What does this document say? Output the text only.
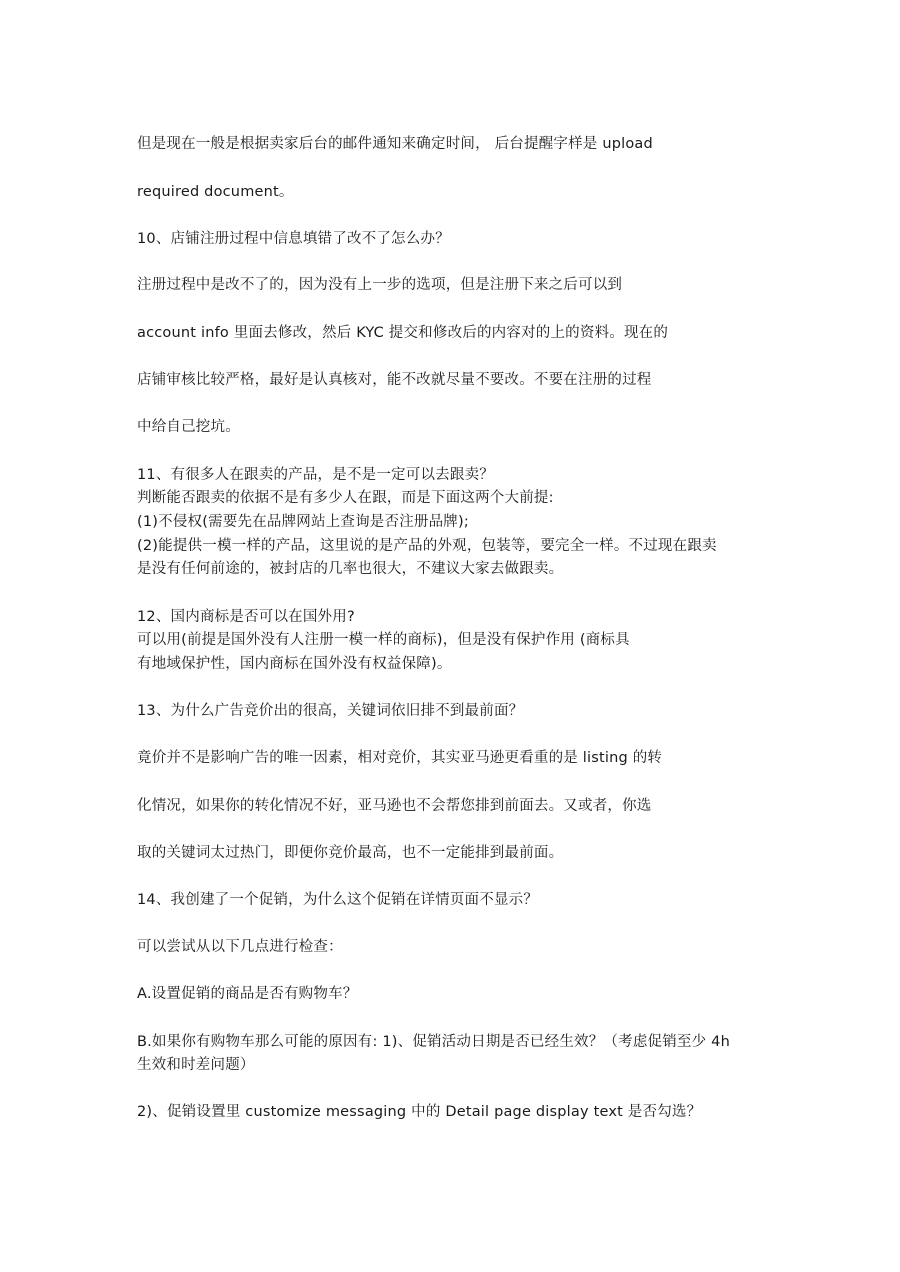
但是现在一般是根据卖家后台的邮件通知来确定时间， 后台提醒字样是 upload
required document。
10、店铺注册过程中信息填错了改不了怎么办？
注册过程中是改不了的，因为没有上一步的选项，但是注册下来之后可以到
account info 里面去修改，然后 KYC 提交和修改后的内容对的上的资料。现在的
店铺审核比较严格，最好是认真核对，能不改就尽量不要改。不要在注册的过程
中给自己挖坑。
11、有很多人在跟卖的产品，是不是一定可以去跟卖？
判断能否跟卖的依据不是有多少人在跟，而是下面这两个大前提:
(1)不侵权(需要先在品牌网站上查询是否注册品牌);
(2)能提供一模一样的产品，这里说的是产品的外观，包装等，要完全一样。不过现在跟卖
是没有任何前途的，被封店的几率也很大，不建议大家去做跟卖。
12、国内商标是否可以在国外用?
可以用(前提是国外没有人注册一模一样的商标)，但是没有保护作用 (商标具
有地域保护性，国内商标在国外没有权益保障)。
13、为什么广告竞价出的很高，关键词依旧排不到最前面？
竟价并不是影响广告的唯一因素，相对竞价，其实亚马逊更看重的是 listing 的转
化情况，如果你的转化情况不好，亚马逊也不会帮您排到前面去。又或者，你选
取的关键词太过热门，即便你竞价最高，也不一定能排到最前面。
14、我创建了一个促销，为什么这个促销在详情页面不显示？
可以尝试从以下几点进行检查：
A.设置促销的商品是否有购物车？
B.如果你有购物车那么可能的原因有: 1)、促销活动日期是否已经生效？（考虑促销至少 4h
生效和时差问题）
2)、促销设置里 customize messaging 中的 Detail page display text 是否勾选？
